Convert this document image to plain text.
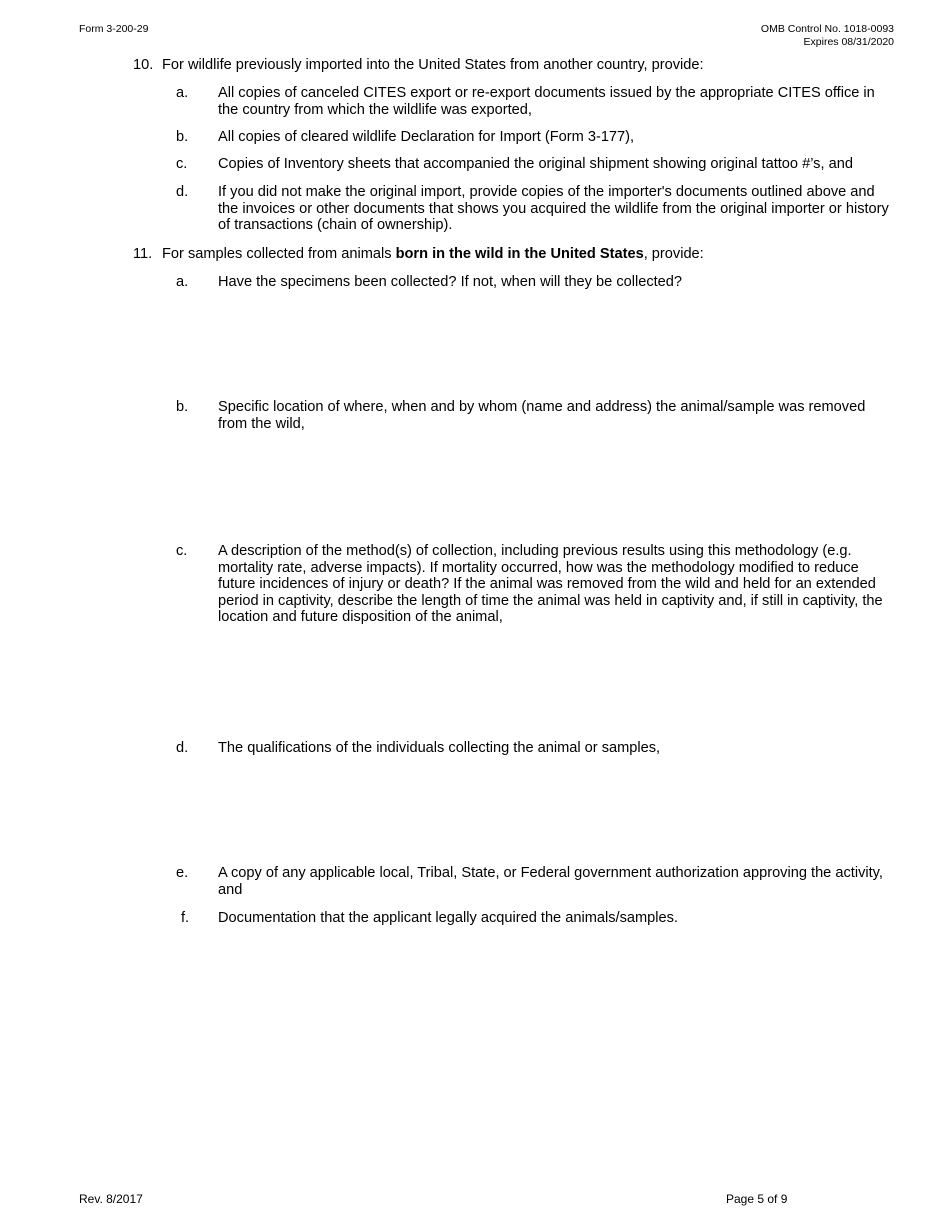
Form 3-200-29	OMB Control No. 1018-0093
Expires 08/31/2020
10. For wildlife previously imported into the United States from another country, provide:
a. All copies of canceled CITES export or re-export documents issued by the appropriate CITES office in the country from which the wildlife was exported,
b. All copies of cleared wildlife Declaration for Import (Form 3-177),
c. Copies of Inventory sheets that accompanied the original shipment showing original tattoo #’s, and
d. If you did not make the original import, provide copies of the importer's documents outlined above and the invoices or other documents that shows you acquired the wildlife from the original importer or history of transactions (chain of ownership).
11. For samples collected from animals born in the wild in the United States, provide:
a. Have the specimens been collected? If not, when will they be collected?
b. Specific location of where, when and by whom (name and address) the animal/sample was removed from the wild,
c. A description of the method(s) of collection, including previous results using this methodology (e.g. mortality rate, adverse impacts). If mortality occurred, how was the methodology modified to reduce future incidences of injury or death? If the animal was removed from the wild and held for an extended period in captivity, describe the length of time the animal was held in captivity and, if still in captivity, the location and future disposition of the animal,
d. The qualifications of the individuals collecting the animal or samples,
e. A copy of any applicable local, Tribal, State, or Federal government authorization approving the activity, and
f. Documentation that the applicant legally acquired the animals/samples.
Rev. 8/2017	Page 5 of 9
